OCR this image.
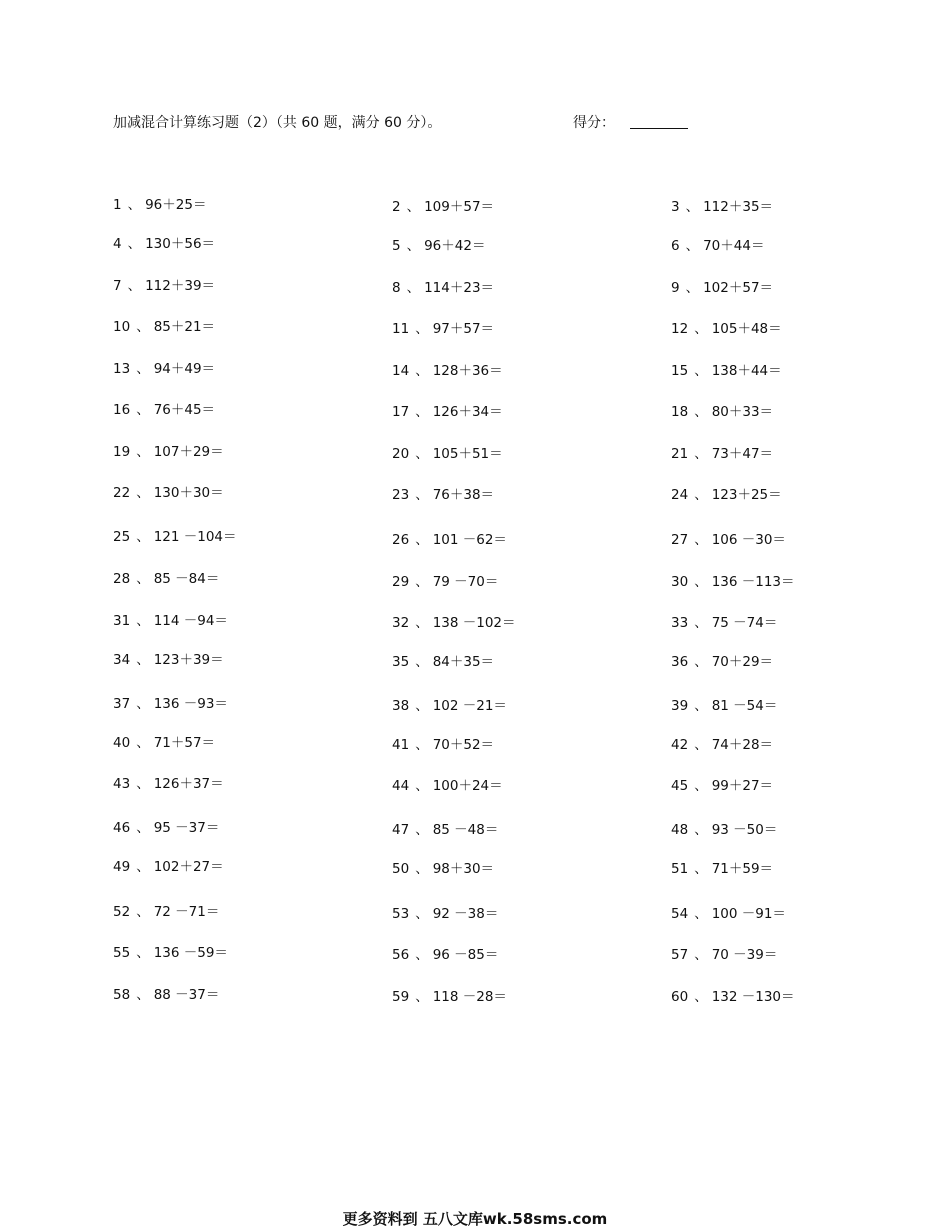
加减混合计算练习题（2）（共 60 题，满分 60 分）。	得分：
1 、 96＋25＝	2 、 109＋57＝	3 、 112＋35＝
4 、 130＋56＝	5 、 96＋42＝	6 、 70＋44＝
7 、 112＋39＝	8 、 114＋23＝	9 、 102＋57＝
10 、 85＋21＝	11 、 97＋57＝	12 、 105＋48＝
13 、 94＋49＝	14 、 128＋36＝	15 、 138＋44＝
16 、 76＋45＝	17 、 126＋34＝	18 、 80＋33＝
19 、 107＋29＝	20 、 105＋51＝	21 、 73＋47＝
22 、 130＋30＝	23 、 76＋38＝	24 、 123＋25＝
25 、 121 －104＝	26 、 101 －62＝	27 、 106 －30＝
28 、 85 －84＝	29 、 79 －70＝	30 、 136 －113＝
31 、 114 －94＝	32 、 138 －102＝	33 、 75 －74＝
34 、 123＋39＝	35 、 84＋35＝	36 、 70＋29＝
37 、 136 －93＝	38 、 102 －21＝	39 、 81 －54＝
40 、 71＋57＝	41 、 70＋52＝	42 、 74＋28＝
43 、 126＋37＝	44 、 100＋24＝	45 、 99＋27＝
46 、 95 －37＝	47 、 85 －48＝	48 、 93 －50＝
49 、 102＋27＝	50 、 98＋30＝	51 、 71＋59＝
52 、 72 －71＝	53 、 92 －38＝	54 、 100 －91＝
55 、 136 －59＝	56 、 96 －85＝	57 、 70 －39＝
58 、 88 －37＝	59 、 118 －28＝	60 、 132 －130＝
更多资料到 五八文库wk.58sms.com
